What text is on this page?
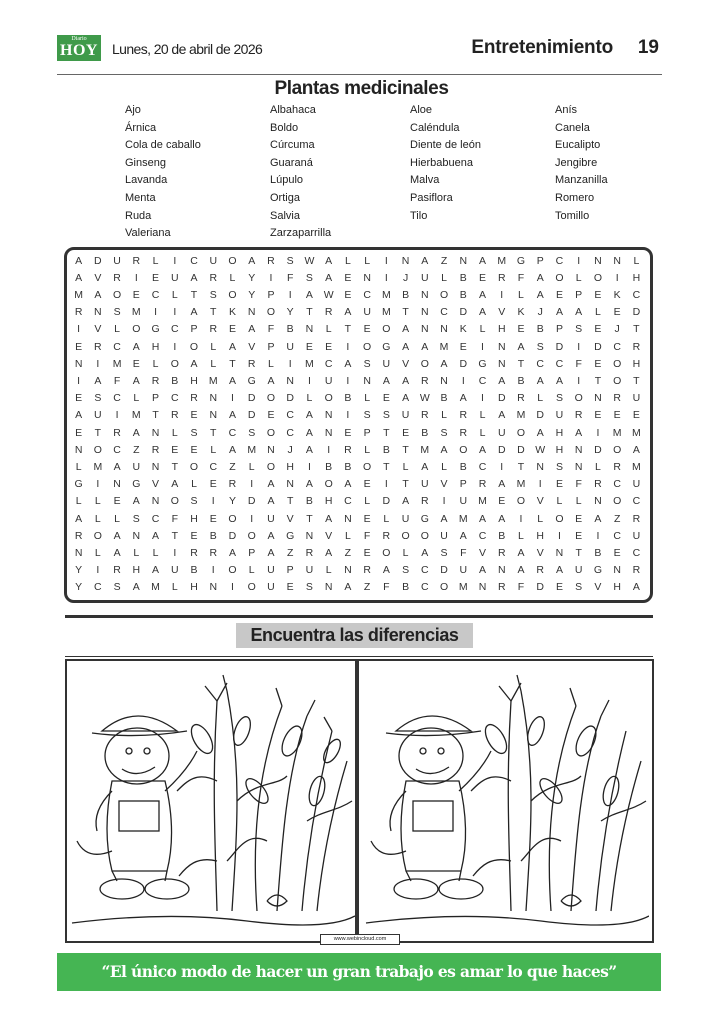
Diario
HOY Lunes, 20 de abril de 2026	Entretenimiento 19
Plantas medicinales
Ajo
Árnica
Cola de caballo
Ginseng
Lavanda
Menta
Ruda
Valeriana
Albahaca
Boldo
Cúrcuma
Guaraná
Lúpulo
Ortiga
Salvia
Zarzaparrilla
Aloe
Caléndula
Diente de león
Hierbabuena
Malva
Pasiflora
Tilo
Anís
Canela
Eucalipto
Jengibre
Manzanilla
Romero
Tomillo
A	D	U	R	L	I	C	U	O	A	R	S	W	A	L	L	I	N	A	Z	N	A	M	G	P	C	I	N	N	L
A	V	R	I	E	U	A	R	L	Y	I	F	S	A	E	N	I	J	U	L	B	E	R	F	A	O	L	O	I	H
M	A	O	E	C	L	T	S	O	Y	P	I	A	W	E	C	M	B	N	O	B	A	I	L	A	E	P	E	K	C
R	N	S	M	I	I	A	T	K	N	O	Y	T	R	A	U	M	T	N	C	D	A	V	K	J	A	A	L	E	D
I	V	L	O	G	C	P	R	E	A	F	B	N	L	T	E	O	A	N	N	K	L	H	E	B	P	S	E	J	T
E	R	C	A	H	I	O	L	A	V	P	U	E	E	I	O	G	A	A	M	E	I	N	A	S	D	I	D	C	R
N	I	M	E	L	O	A	L	T	R	L	I	M	C	A	S	U	V	O	A	D	G	N	T	C	C	F	E	O	H
I	A	F	A	R	B	H	M	A	G	A	N	I	U	I	N	A	A	R	N	I	C	A	B	A	A	I	T	O	T
E	S	C	L	P	C	R	N	I	D	O	D	L	O	B	L	E	A	W	B	A	I	D	R	L	S	O	N	R	U
A	U	I	M	T	R	E	N	A	D	E	C	A	N	I	S	S	U	R	L	R	L	A	M	D	U	R	E	E	E
E	T	R	A	N	L	S	T	C	S	O	C	A	N	E	P	T	E	B	S	R	L	U	O	A	H	A	I	M M
N	O	C	Z	R	E	E	L	A	M	N	J	A	I	R	L	B	T	M	A	O	A	D	D W H	N	D	O	A
L	M	A	U	N	T	O	C	Z	L	O	H	I	B	B	O	T	L	A	L	B	C	I	T	N	S	N	L	R	M
G	I	N	G	V	A	L	E	R	I	A	N	A	O	A	E	I	T	U	V	P	R	A	M	I	E	F	R	C	U
L	L	E	A	N	O	S	I	Y	D	A	T	B	H	C	L	D	A	R	I	U	M	E	O	V	L	L	N	O	C
A	L	L	S	C	F	H	E	O	I	U	V	T	A	N	E	L	U	G	A	M	A	A	I	L	O	E	A	Z	R
R	O	A	N	A	T	E	B	D	O	A	G	N	V	L	F	R	O	O	U	A	C	B	L	H	I	E	I	C	U
N	L	A	L	L	I	R	R	A	P	A	Z	R	A	Z	E	O	L	A	S	F	V	R	A	V	N	T	B	E	C
Y	I	R	H	A	U	B	I	O	L	U	P	U	L	N	R	A	S	C	D	U	A	N	A	R	A	U	G	N	R
Y	C	S	A	M	L	H	N	I	O	U	E	S	N	A	Z	F	B	C	O	M	N	R	F	D	E	S	V	H	A
Encuentra las diferencias
www.webincloud.com
“El único modo de hacer un gran trabajo es amar lo que haces”
